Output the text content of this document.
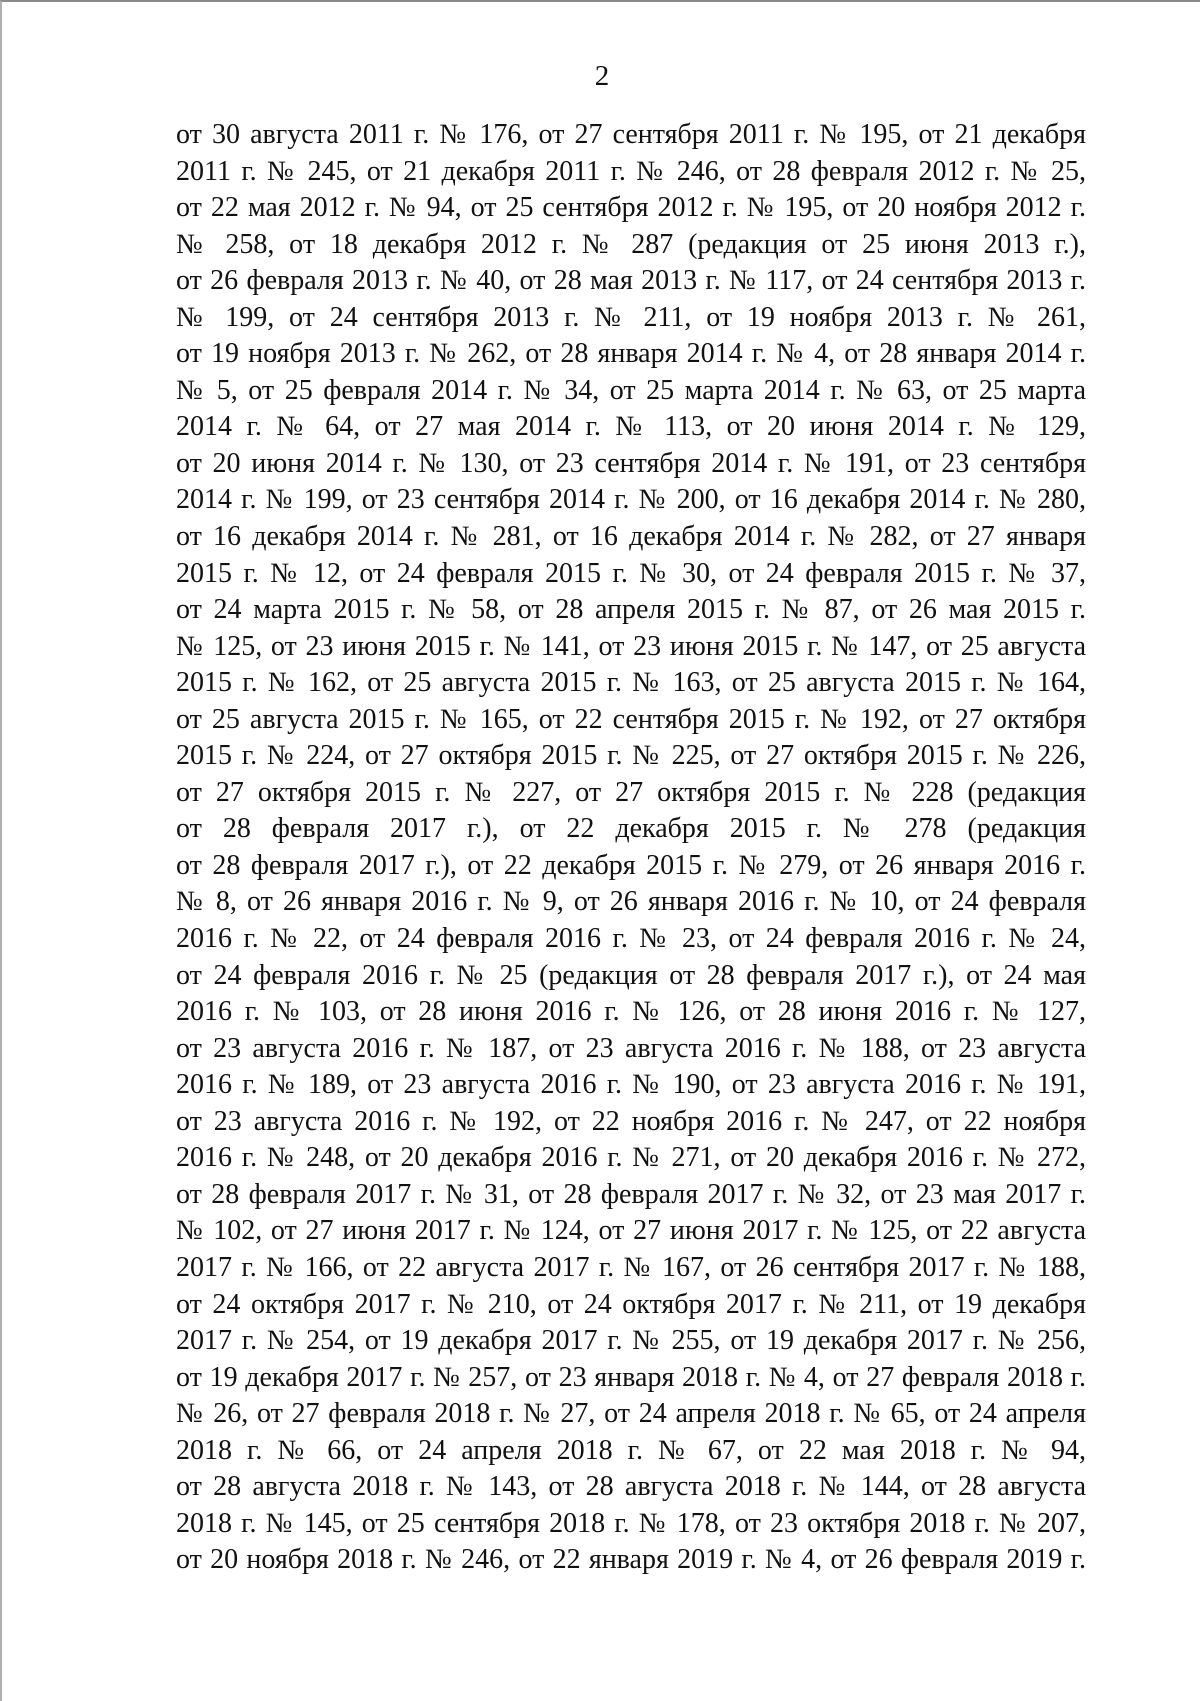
2
от 30 августа 2011 г. № 176, от 27 сентября 2011 г. № 195, от 21 декабря
2011 г. № 245, от 21 декабря 2011 г. № 246, от 28 февраля 2012 г. № 25,
от 22 мая 2012 г. № 94, от 25 сентября 2012 г. № 195, от 20 ноября 2012 г.
№ 258, от 18 декабря 2012 г. № 287 (редакция от 25 июня 2013 г.),
от 26 февраля 2013 г. № 40, от 28 мая 2013 г. № 117, от 24 сентября 2013 г.
№ 199, от 24 сентября 2013 г. № 211, от 19 ноября 2013 г. № 261,
от 19 ноября 2013 г. № 262, от 28 января 2014 г. № 4, от 28 января 2014 г.
№ 5, от 25 февраля 2014 г. № 34, от 25 марта 2014 г. № 63, от 25 марта
2014 г. № 64, от 27 мая 2014 г. № 113, от 20 июня 2014 г. № 129,
от 20 июня 2014 г. № 130, от 23 сентября 2014 г. № 191, от 23 сентября
2014 г. № 199, от 23 сентября 2014 г. № 200, от 16 декабря 2014 г. № 280,
от 16 декабря 2014 г. № 281, от 16 декабря 2014 г. № 282, от 27 января
2015 г. № 12, от 24 февраля 2015 г. № 30, от 24 февраля 2015 г. № 37,
от 24 марта 2015 г. № 58, от 28 апреля 2015 г. № 87, от 26 мая 2015 г.
№ 125, от 23 июня 2015 г. № 141, от 23 июня 2015 г. № 147, от 25 августа
2015 г. № 162, от 25 августа 2015 г. № 163, от 25 августа 2015 г. № 164,
от 25 августа 2015 г. № 165, от 22 сентября 2015 г. № 192, от 27 октября
2015 г. № 224, от 27 октября 2015 г. № 225, от 27 октября 2015 г. № 226,
от 27 октября 2015 г. № 227, от 27 октября 2015 г. № 228 (редакция
от 28 февраля 2017 г.), от 22 декабря 2015 г. № 278 (редакция
от 28 февраля 2017 г.), от 22 декабря 2015 г. № 279, от 26 января 2016 г.
№ 8, от 26 января 2016 г. № 9, от 26 января 2016 г. № 10, от 24 февраля
2016 г. № 22, от 24 февраля 2016 г. № 23, от 24 февраля 2016 г. № 24,
от 24 февраля 2016 г. № 25 (редакция от 28 февраля 2017 г.), от 24 мая
2016 г. № 103, от 28 июня 2016 г. № 126, от 28 июня 2016 г. № 127,
от 23 августа 2016 г. № 187, от 23 августа 2016 г. № 188, от 23 августа
2016 г. № 189, от 23 августа 2016 г. № 190, от 23 августа 2016 г. № 191,
от 23 августа 2016 г. № 192, от 22 ноября 2016 г. № 247, от 22 ноября
2016 г. № 248, от 20 декабря 2016 г. № 271, от 20 декабря 2016 г. № 272,
от 28 февраля 2017 г. № 31, от 28 февраля 2017 г. № 32, от 23 мая 2017 г.
№ 102, от 27 июня 2017 г. № 124, от 27 июня 2017 г. № 125, от 22 августа
2017 г. № 166, от 22 августа 2017 г. № 167, от 26 сентября 2017 г. № 188,
от 24 октября 2017 г. № 210, от 24 октября 2017 г. № 211, от 19 декабря
2017 г. № 254, от 19 декабря 2017 г. № 255, от 19 декабря 2017 г. № 256,
от 19 декабря 2017 г. № 257, от 23 января 2018 г. № 4, от 27 февраля 2018 г.
№ 26, от 27 февраля 2018 г. № 27, от 24 апреля 2018 г. № 65, от 24 апреля
2018 г. № 66, от 24 апреля 2018 г. № 67, от 22 мая 2018 г. № 94,
от 28 августа 2018 г. № 143, от 28 августа 2018 г. № 144, от 28 августа
2018 г. № 145, от 25 сентября 2018 г. № 178, от 23 октября 2018 г. № 207,
от 20 ноября 2018 г. № 246, от 22 января 2019 г. № 4, от 26 февраля 2019 г.
